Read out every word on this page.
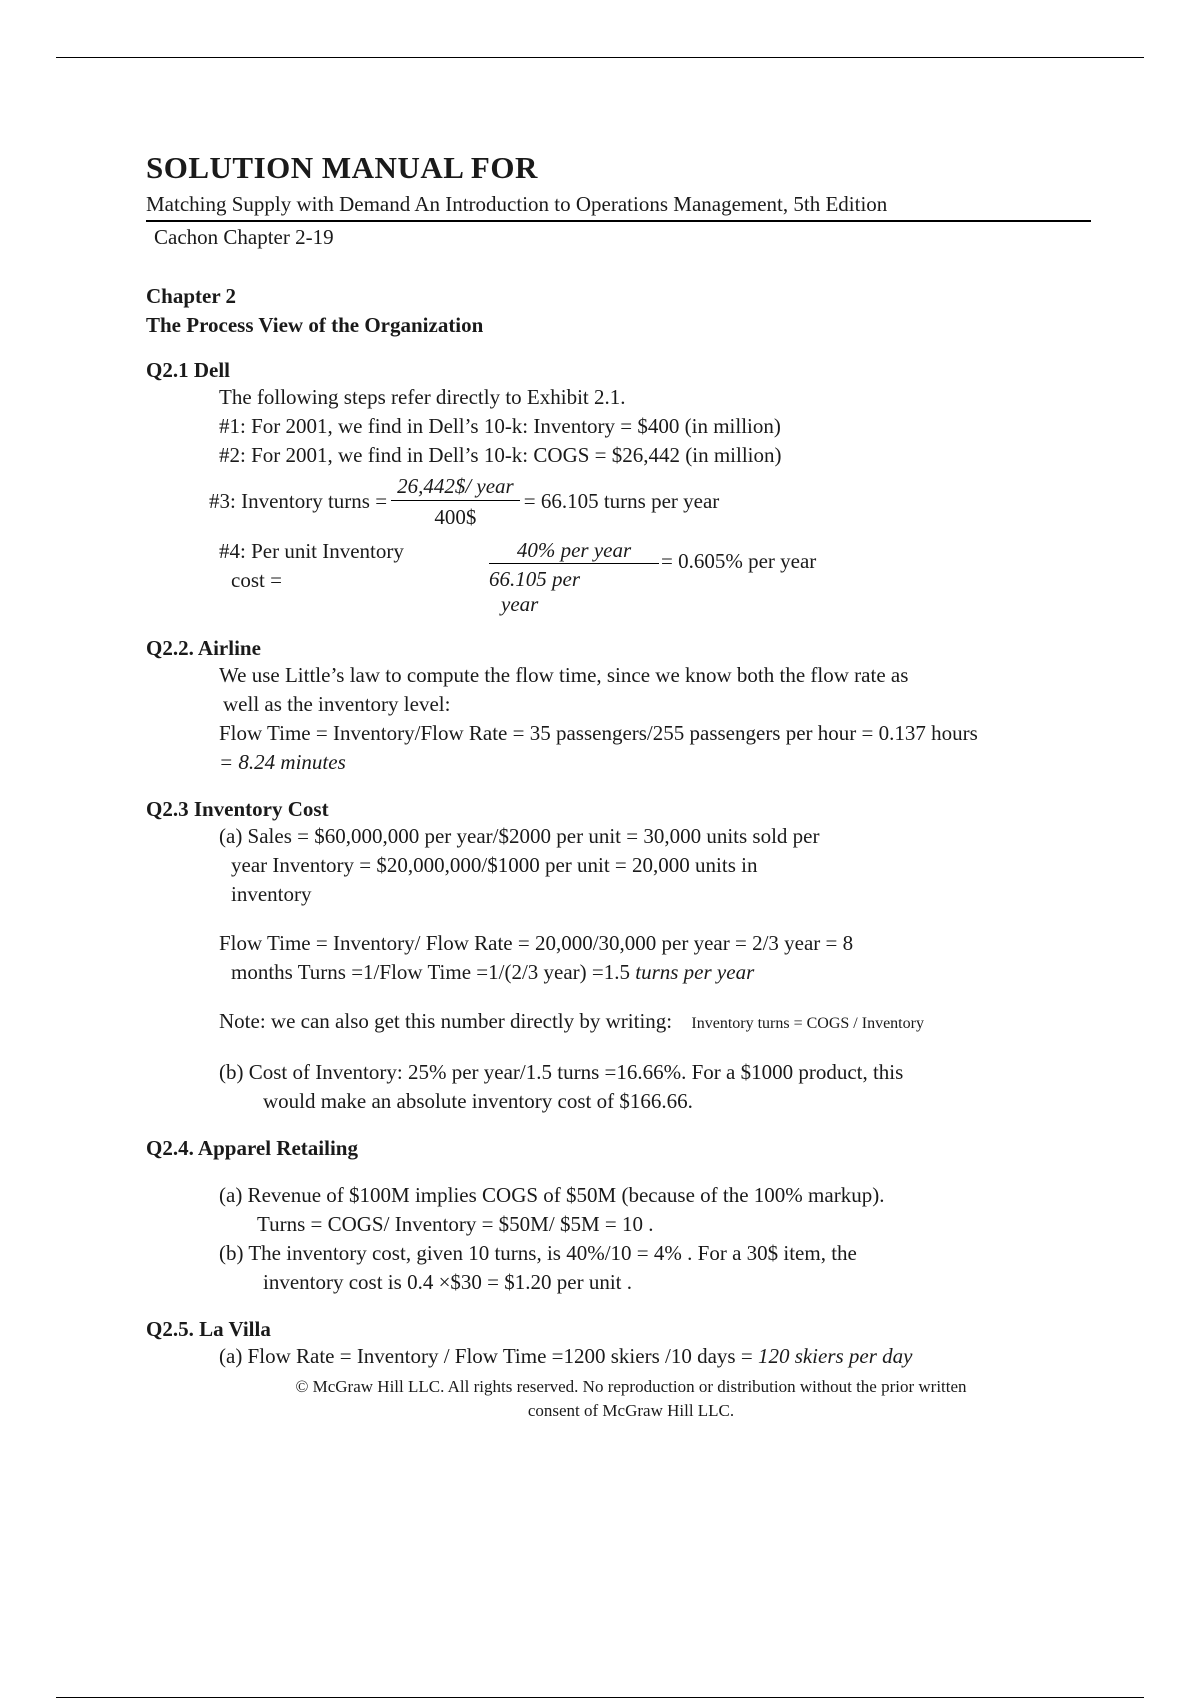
SOLUTION MANUAL FOR
Matching Supply with Demand An Introduction to Operations Management, 5th Edition
Cachon Chapter 2-19
Chapter 2
The Process View of the Organization
Q2.1 Dell
The following steps refer directly to Exhibit 2.1.
#1: For 2001, we find in Dell’s 10-k: Inventory = $400 (in million)
#2: For 2001, we find in Dell’s 10-k: COGS = $26,442 (in million)
#3: Inventory turns = $\frac{\text{26,442\$/ year}}{400\$} = 66.105$ turns per year
#4: Per unit Inventory
cost =
40% per year
66.105 per
year
= 0.605% per year
Q2.2. Airline
We use Little’s law to compute the flow time, since we know both the flow rate as
well as the inventory level:
Flow Time = Inventory/Flow Rate = 35 passengers/255 passengers per hour = 0.137 hours
= 8.24 minutes
Q2.3 Inventory Cost
(a) Sales = $60,000,000 per year/$2000 per unit = 30,000 units sold per
year Inventory = $20,000,000/$1000 per unit = 20,000 units in
inventory
Flow Time = Inventory/ Flow Rate = 20,000/30,000 per year = 2/3 year = 8
months Turns =1/Flow Time =1/(2/3 year) =1.5 turns per year
Note: we can also get this number directly by writing: Inventory turns = COGS / Inventory
(b) Cost of Inventory: 25% per year/1.5 turns =16.66%. For a $1000 product, this
would make an absolute inventory cost of $166.66.
Q2.4. Apparel Retailing
(a) Revenue of $100M implies COGS of $50M (because of the 100% markup).
Turns = COGS/ Inventory = $50M/ $5M = 10 .
(b) The inventory cost, given 10 turns, is 40%/10 = 4% . For a 30$ item, the
inventory cost is 0.4 ×$30 = $1.20 per unit .
Q2.5. La Villa
(a) Flow Rate = Inventory / Flow Time =1200 skiers /10 days = 120 skiers per day
© McGraw Hill LLC. All rights reserved. No reproduction or distribution without the prior written
consent of McGraw Hill LLC.
